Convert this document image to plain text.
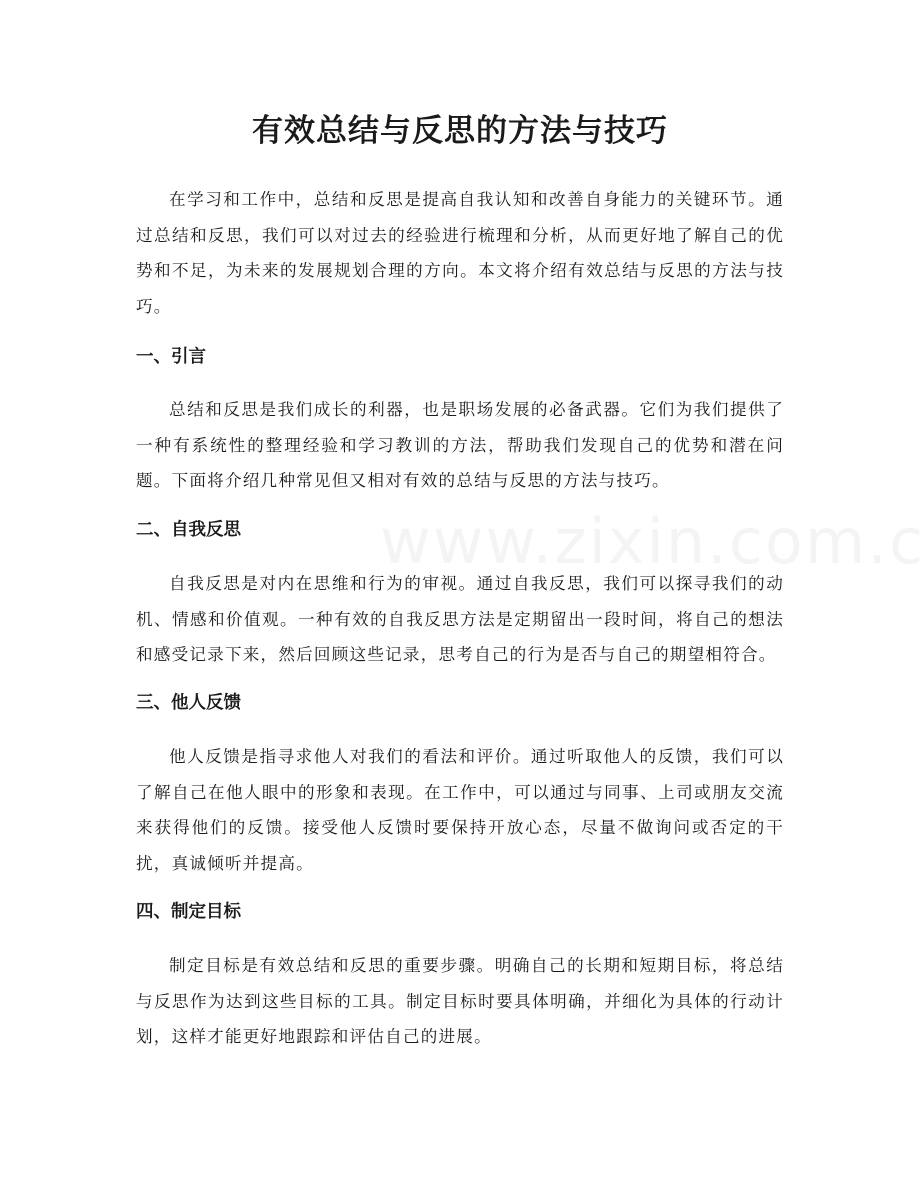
有效总结与反思的方法与技巧

在学习和工作中，总结和反思是提高自我认知和改善自身能力的关键环节。通过总结和反思，我们可以对过去的经验进行梳理和分析，从而更好地了解自己的优势和不足，为未来的发展规划合理的方向。本文将介绍有效总结与反思的方法与技巧。

一、引言

总结和反思是我们成长的利器，也是职场发展的必备武器。它们为我们提供了一种有系统性的整理经验和学习教训的方法，帮助我们发现自己的优势和潜在问题。下面将介绍几种常见但又相对有效的总结与反思的方法与技巧。

二、自我反思

自我反思是对内在思维和行为的审视。通过自我反思，我们可以探寻我们的动机、情感和价值观。一种有效的自我反思方法是定期留出一段时间，将自己的想法和感受记录下来，然后回顾这些记录，思考自己的行为是否与自己的期望相符合。

三、他人反馈

他人反馈是指寻求他人对我们的看法和评价。通过听取他人的反馈，我们可以了解自己在他人眼中的形象和表现。在工作中，可以通过与同事、上司或朋友交流来获得他们的反馈。接受他人反馈时要保持开放心态，尽量不做询问或否定的干扰，真诚倾听并提高。

四、制定目标

制定目标是有效总结和反思的重要步骤。明确自己的长期和短期目标，将总结与反思作为达到这些目标的工具。制定目标时要具体明确，并细化为具体的行动计划，这样才能更好地跟踪和评估自己的进展。
